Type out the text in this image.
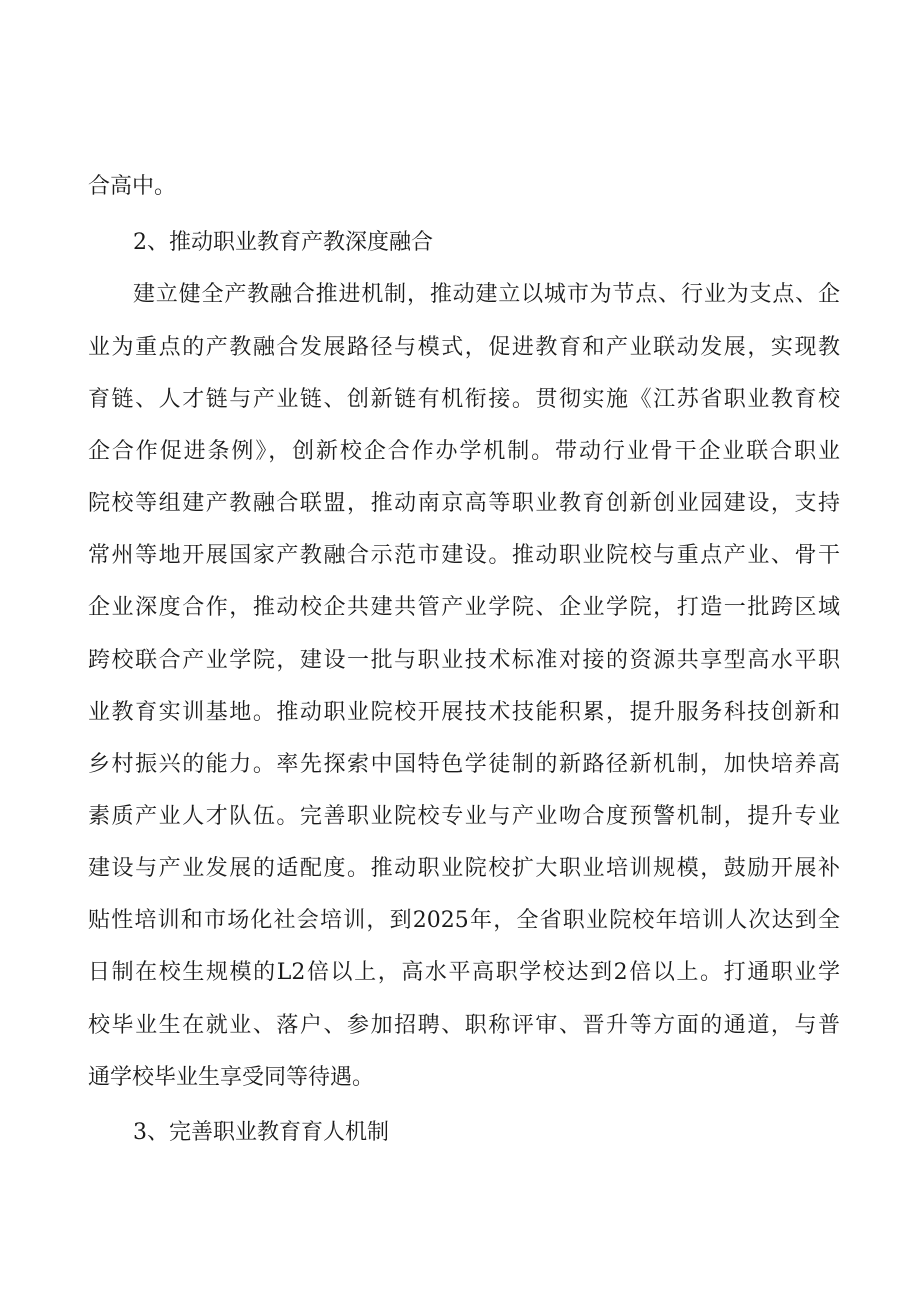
合高中。
2、推动职业教育产教深度融合
建立健全产教融合推进机制，推动建立以城市为节点、行业为支点、企
业为重点的产教融合发展路径与模式，促进教育和产业联动发展，实现教
育链、人才链与产业链、创新链有机衔接。贯彻实施《江苏省职业教育校
企合作促进条例》，创新校企合作办学机制。带动行业骨干企业联合职业
院校等组建产教融合联盟，推动南京高等职业教育创新创业园建设，支持
常州等地开展国家产教融合示范市建设。推动职业院校与重点产业、骨干
企业深度合作，推动校企共建共管产业学院、企业学院，打造一批跨区域
跨校联合产业学院，建设一批与职业技术标准对接的资源共享型高水平职
业教育实训基地。推动职业院校开展技术技能积累，提升服务科技创新和
乡村振兴的能力。率先探索中国特色学徒制的新路径新机制，加快培养高
素质产业人才队伍。完善职业院校专业与产业吻合度预警机制，提升专业
建设与产业发展的适配度。推动职业院校扩大职业培训规模，鼓励开展补
贴性培训和市场化社会培训，到2025年，全省职业院校年培训人次达到全
日制在校生规模的L2倍以上，高水平高职学校达到2倍以上。打通职业学
校毕业生在就业、落户、参加招聘、职称评审、晋升等方面的通道，与普
通学校毕业生享受同等待遇。
3、完善职业教育育人机制
